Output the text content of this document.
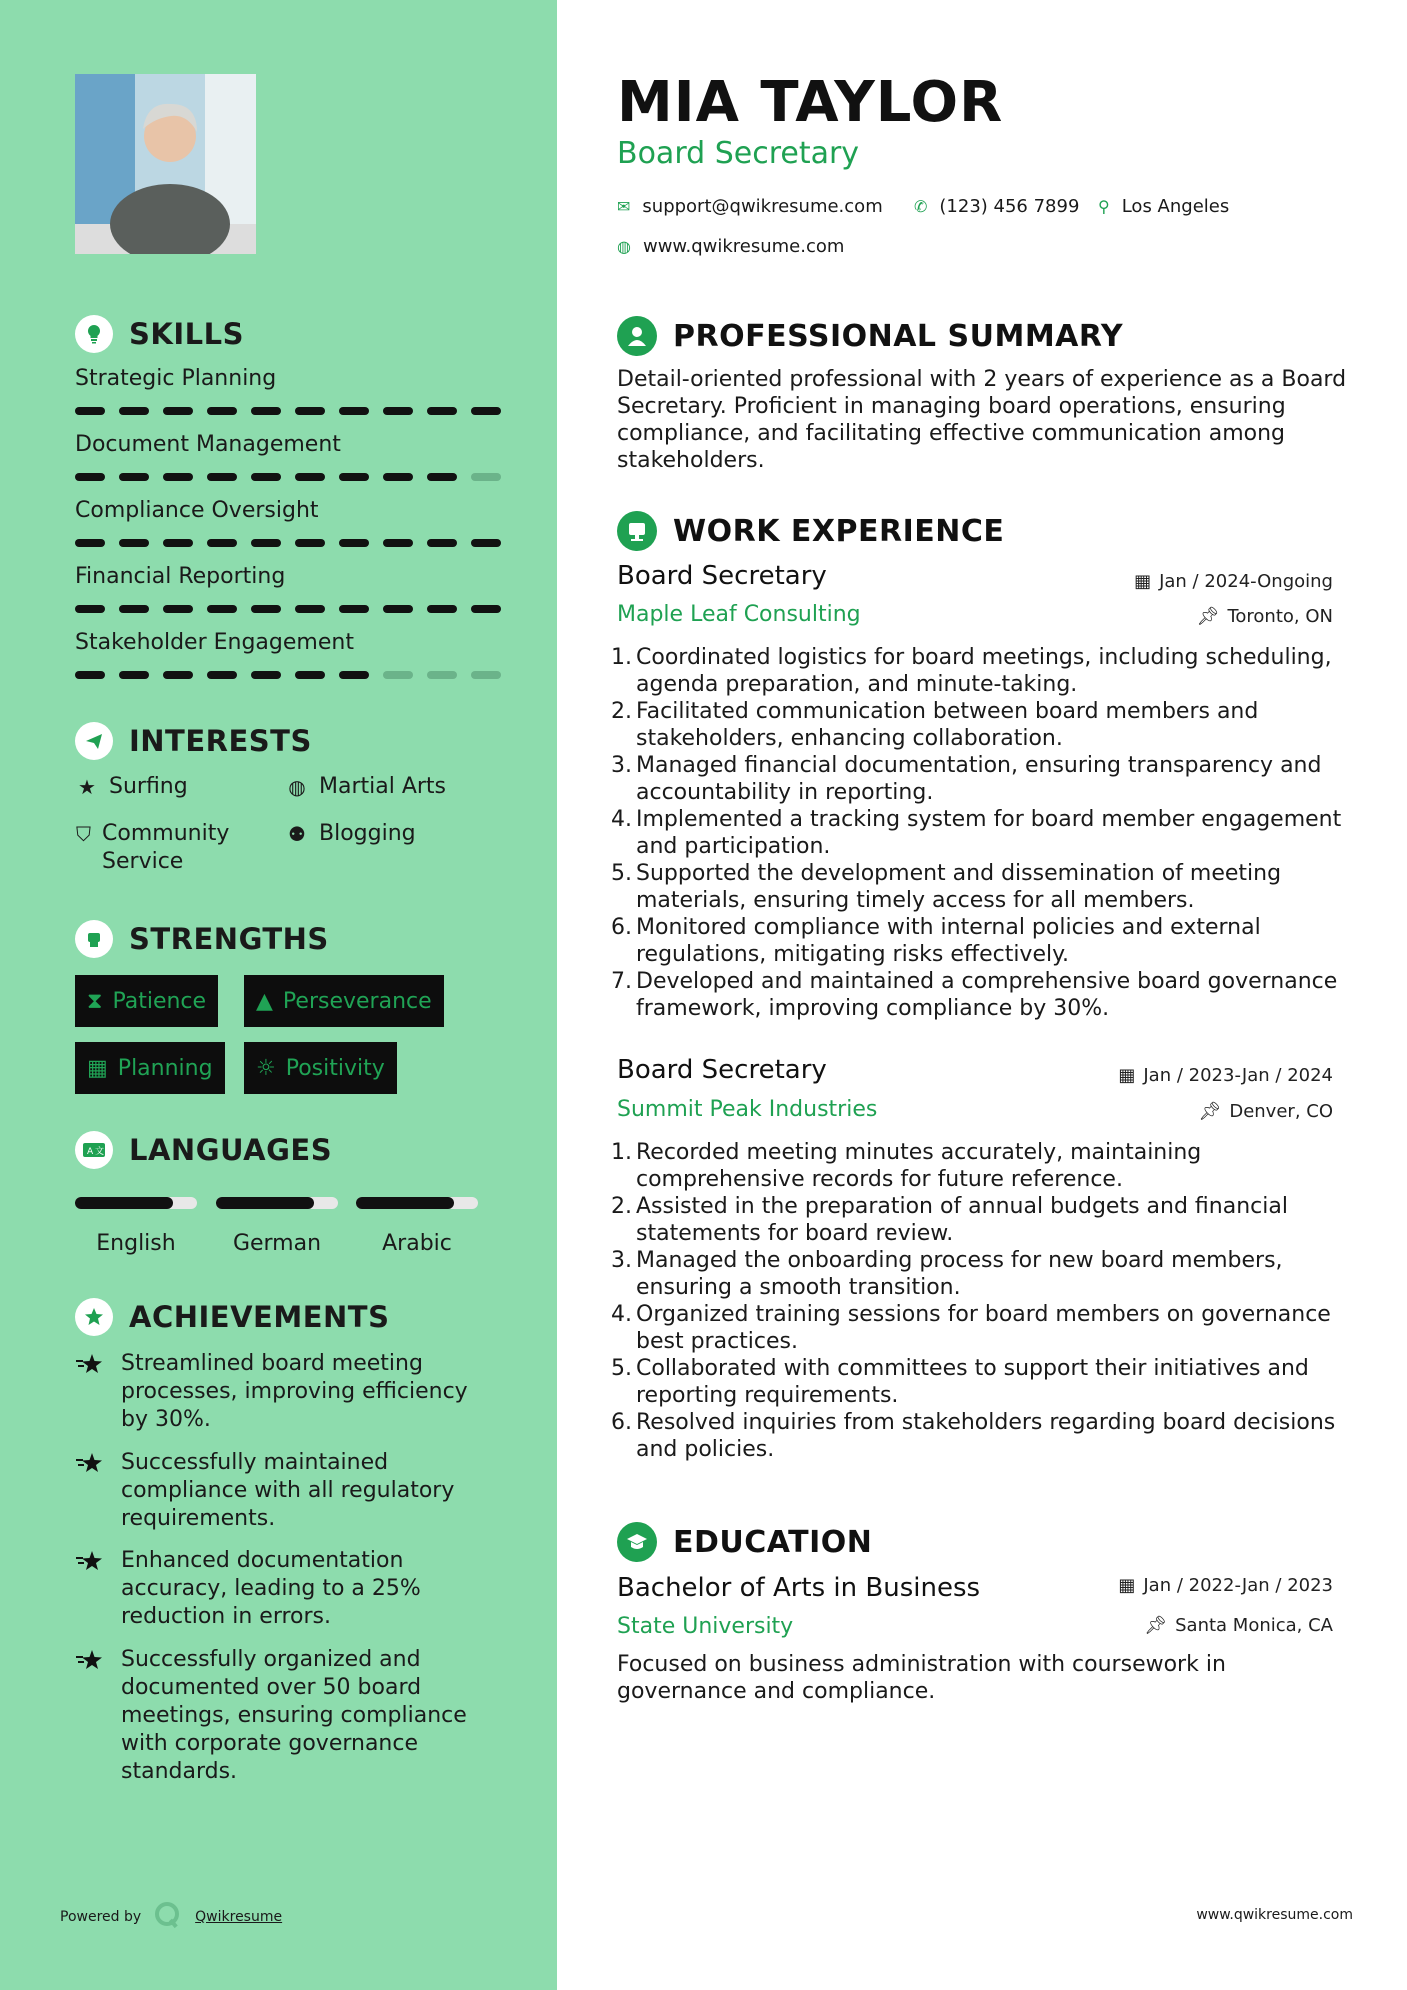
SKILLS
Strategic Planning
Document Management
Compliance Oversight
Financial Reporting
Stakeholder Engagement
INTERESTS
★ Surfing	◍ Martial Arts
⛉ Community Service
⚉ Blogging
STRENGTHS
⧗ Patience ▲ Perseverance
▦ Planning ☼ Positivity
A 文 LANGUAGES
English	German	Arabic
ACHIEVEMENTS
Streamlined board meeting processes, improving efficiency by 30%.
Successfully maintained compliance with all regulatory requirements.
Enhanced documentation accuracy, leading to a 25% reduction in errors.
Successfully organized and documented over 50 board meetings, ensuring compliance with corporate governance standards.
Powered by	Qwikresume
MIA TAYLOR
Board Secretary
✉ support@qwikresume.com ✆ (123) 456 7899 ⚲ Los Angeles
◍ www.qwikresume.com
PROFESSIONAL SUMMARY
Detail-oriented professional with 2 years of experience as a Board Secretary. Proficient in managing board operations, ensuring compliance, and facilitating effective communication among stakeholders.
WORK EXPERIENCE
Board Secretary	▦ Jan / 2024-Ongoing
Maple Leaf Consulting	📌︎ Toronto, ON
1. Coordinated logistics for board meetings, including scheduling, agenda preparation, and minute-taking.
2. Facilitated communication between board members and stakeholders, enhancing collaboration.
3. Managed financial documentation, ensuring transparency and accountability in reporting.
4. Implemented a tracking system for board member engagement and participation.
5. Supported the development and dissemination of meeting materials, ensuring timely access for all members.
6. Monitored compliance with internal policies and external regulations, mitigating risks effectively.
7. Developed and maintained a comprehensive board governance framework, improving compliance by 30%.
Board Secretary	▦ Jan / 2023-Jan / 2024
Summit Peak Industries	📌︎ Denver, CO
1. Recorded meeting minutes accurately, maintaining comprehensive records for future reference.
2. Assisted in the preparation of annual budgets and financial statements for board review.
3. Managed the onboarding process for new board members, ensuring a smooth transition.
4. Organized training sessions for board members on governance best practices.
5. Collaborated with committees to support their initiatives and reporting requirements.
6. Resolved inquiries from stakeholders regarding board decisions and policies.
EDUCATION
Bachelor of Arts in Business	▦ Jan / 2022-Jan / 2023
State University	📌︎ Santa Monica, CA
Focused on business administration with coursework in governance and compliance.
www.qwikresume.com
